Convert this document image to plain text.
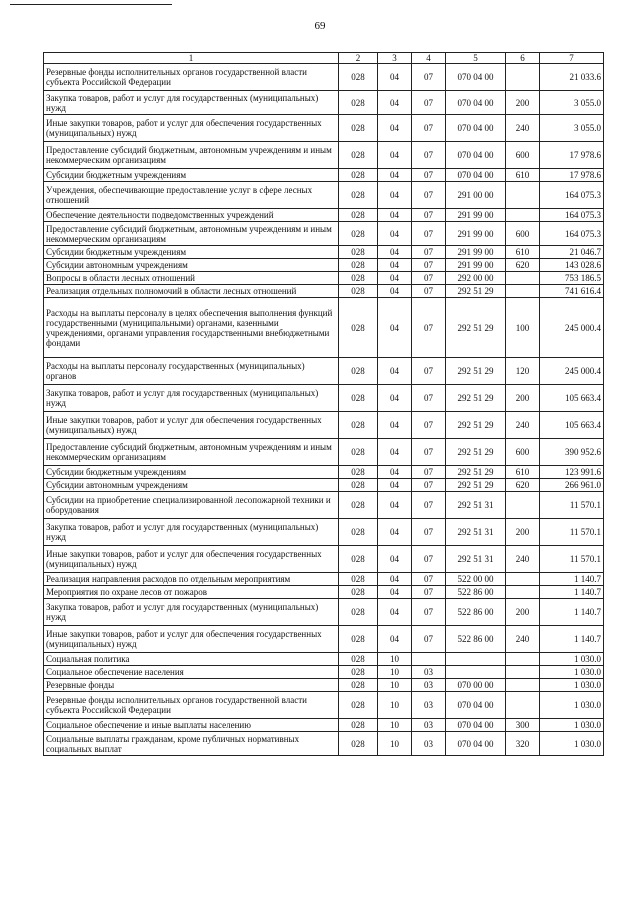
69
1	2	3	4	5	6	7
Резервные фонды исполнительных органов государственной власти субъекта Российской Федерации	028	04	07	070 04 00		21 033.6
Закупка товаров, работ и услуг для государственных (муниципальных) нужд	028	04	07	070 04 00	200	3 055.0
Иные закупки товаров, работ и услуг для обеспечения государственных (муниципальных) нужд	028	04	07	070 04 00	240	3 055.0
Предоставление субсидий бюджетным, автономным учреждениям и иным некоммерческим организациям	028	04	07	070 04 00	600	17 978.6
Субсидии бюджетным учреждениям	028	04	07	070 04 00	610	17 978.6
Учреждения, обеспечивающие предоставление услуг в сфере лесных отношений	028	04	07	291 00 00		164 075.3
Обеспечение деятельности подведомственных учреждений	028	04	07	291 99 00		164 075.3
Предоставление субсидий бюджетным, автономным учреждениям и иным некоммерческим организациям	028	04	07	291 99 00	600	164 075.3
Субсидии бюджетным учреждениям	028	04	07	291 99 00	610	21 046.7
Субсидии автономным учреждениям	028	04	07	291 99 00	620	143 028.6
Вопросы в области лесных отношений	028	04	07	292 00 00		753 186.5
Реализация отдельных полномочий в области лесных отношений	028	04	07	292 51 29		741 616.4
Расходы на выплаты персоналу в целях обеспечения выполнения функций государственными (муниципальными) органами, казенными учреждениями, органами управления государственными внебюджетными фондами	028	04	07	292 51 29	100	245 000.4
Расходы на выплаты персоналу государственных (муниципальных) органов	028	04	07	292 51 29	120	245 000.4
Закупка товаров, работ и услуг для государственных (муниципальных) нужд	028	04	07	292 51 29	200	105 663.4
Иные закупки товаров, работ и услуг для обеспечения государственных (муниципальных) нужд	028	04	07	292 51 29	240	105 663.4
Предоставление субсидий бюджетным, автономным учреждениям и иным некоммерческим организациям	028	04	07	292 51 29	600	390 952.6
Субсидии бюджетным учреждениям	028	04	07	292 51 29	610	123 991.6
Субсидии автономным учреждениям	028	04	07	292 51 29	620	266 961.0
Субсидии на приобретение специализированной лесопожарной техники и оборудования	028	04	07	292 51 31		11 570.1
Закупка товаров, работ и услуг для государственных (муниципальных) нужд	028	04	07	292 51 31	200	11 570.1
Иные закупки товаров, работ и услуг для обеспечения государственных (муниципальных) нужд	028	04	07	292 51 31	240	11 570.1
Реализация направления расходов по отдельным мероприятиям	028	04	07	522 00 00		1 140.7
Мероприятия по охране лесов от пожаров	028	04	07	522 86 00		1 140.7
Закупка товаров, работ и услуг для государственных (муниципальных) нужд	028	04	07	522 86 00	200	1 140.7
Иные закупки товаров, работ и услуг для обеспечения государственных (муниципальных) нужд	028	04	07	522 86 00	240	1 140.7
Социальная политика	028	10				1 030.0
Социальное обеспечение населения	028	10	03			1 030.0
Резервные фонды	028	10	03	070 00 00		1 030.0
Резервные фонды исполнительных органов государственной власти субъекта Российской Федерации	028	10	03	070 04 00		1 030.0
Социальное обеспечение и иные выплаты населению	028	10	03	070 04 00	300	1 030.0
Социальные выплаты гражданам, кроме публичных нормативных социальных выплат	028	10	03	070 04 00	320	1 030.0
